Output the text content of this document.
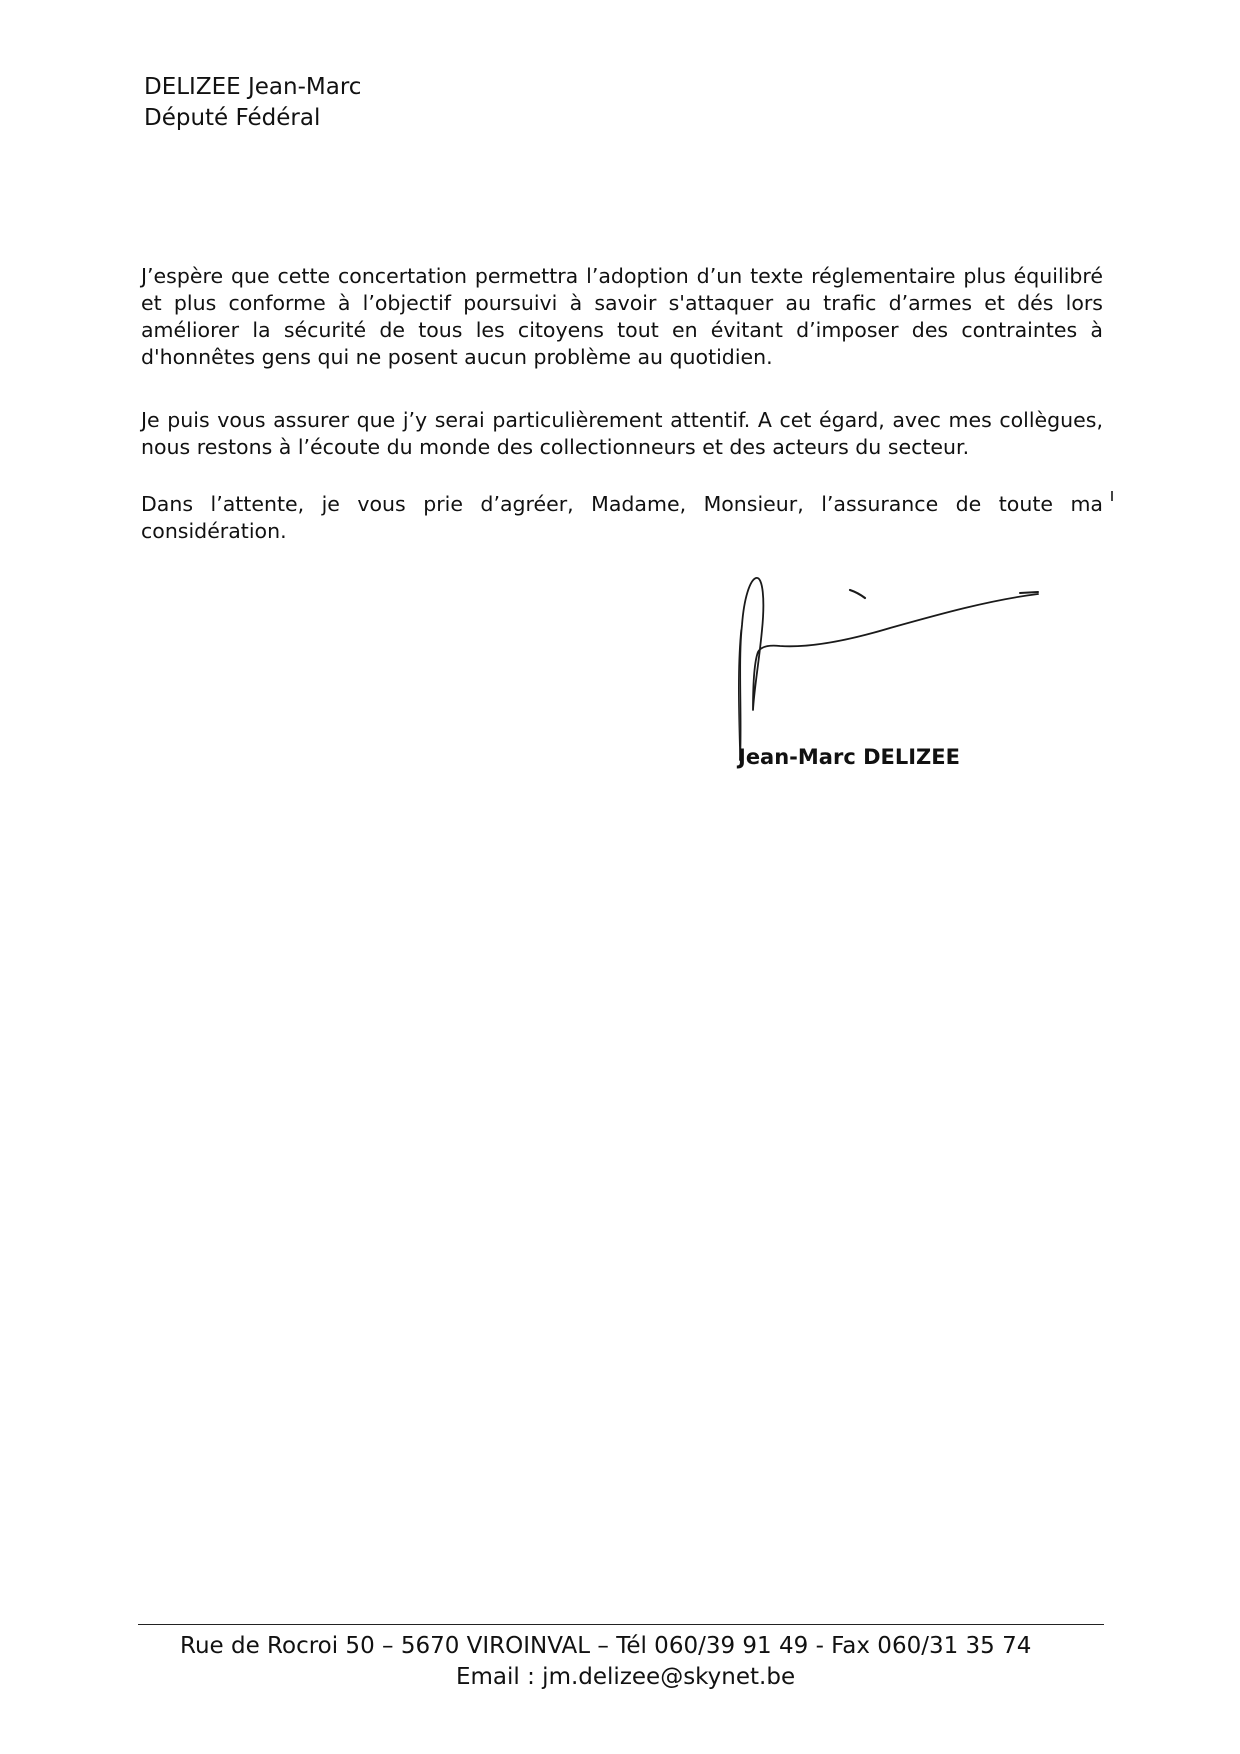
DELIZEE Jean-Marc
Député Fédéral
J’espère que cette concertation permettra l’adoption d’un texte réglementaire plus équilibré et plus conforme à l’objectif poursuivi à savoir s'attaquer au trafic d’armes et dés lors améliorer la sécurité de tous les citoyens tout en évitant d’imposer des contraintes à d'honnêtes gens qui ne posent aucun problème au quotidien.
Je puis vous assurer que j’y serai particulièrement attentif. A cet égard, avec mes collègues, nous restons à l’écoute du monde des collectionneurs et des acteurs du secteur.
Dans l’attente, je vous prie d’agréer, Madame, Monsieur, l’assurance de toute ma considération.
Jean-Marc DELIZEE
Rue de Rocroi 50 – 5670 VIROINVAL – Tél 060/39 91 49 - Fax 060/31 35 74
Email : jm.delizee@skynet.be
